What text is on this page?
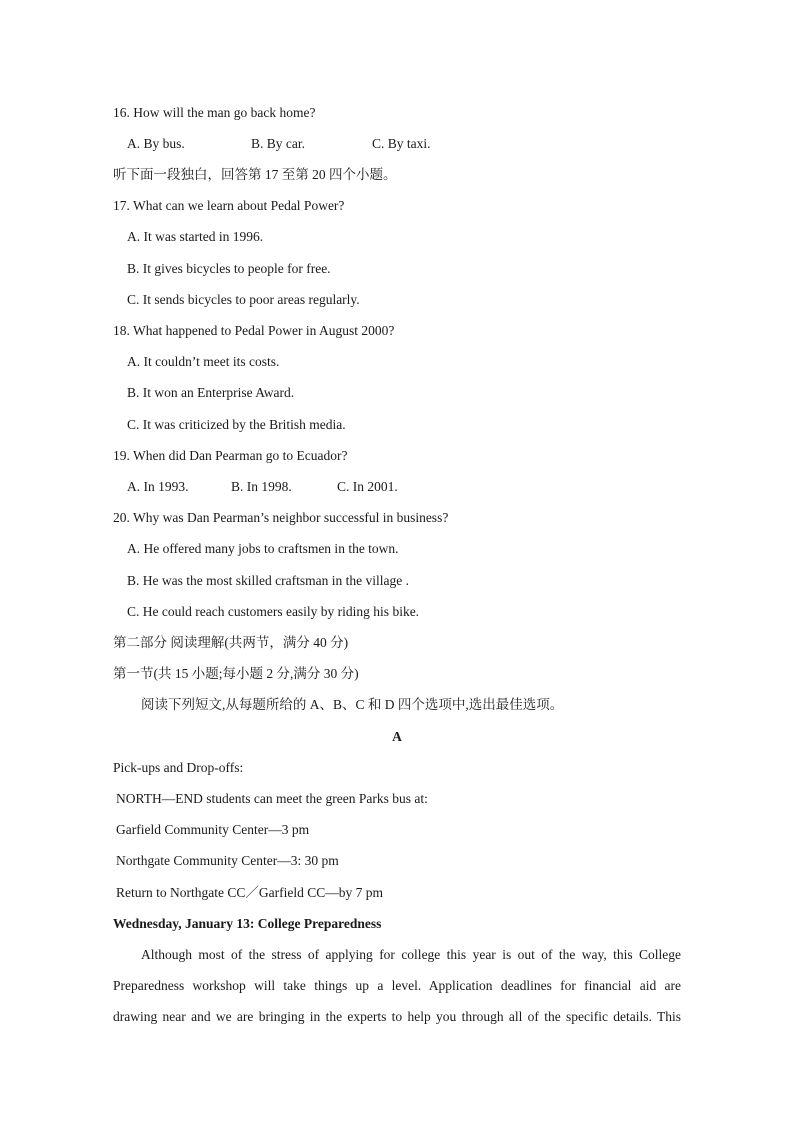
16. How will the man go back home?
A. By bus.	B. By car.	C. By taxi.
听下面一段独白，回答第 17 至第 20 四个小题。
17. What can we learn about Pedal Power?
A. It was started in 1996.
B. It gives bicycles to people for free.
C. It sends bicycles to poor areas regularly.
18. What happened to Pedal Power in August 2000?
A. It couldn’t meet its costs.
B. It won an Enterprise Award.
C. It was criticized by the British media.
19. When did Dan Pearman go to Ecuador?
A. In 1993.	B. In 1998.	C. In 2001.
20. Why was Dan Pearman’s neighbor successful in business?
A. He offered many jobs to craftsmen in the town.
B. He was the most skilled craftsman in the village .
C. He could reach customers easily by riding his bike.
第二部分 阅读理解(共两节，满分 40 分)
第一节(共 15 小题;每小题 2 分,满分 30 分)
阅读下列短文,从每题所给的 A、B、C 和 D 四个选项中,选出最佳选项。
A
Pick-ups and Drop-offs:
NORTH—END students can meet the green Parks bus at:
Garfield Community Center—3 pm
Northgate Community Center—3: 30 pm
Return to Northgate CC／Garfield CC—by 7 pm
Wednesday, January 13: College Preparedness
Although most of the stress of applying for college this year is out of the way, this College
Preparedness workshop will take things up a level. Application deadlines for financial aid are
drawing near and we are bringing in the experts to help you through all of the specific details. This
